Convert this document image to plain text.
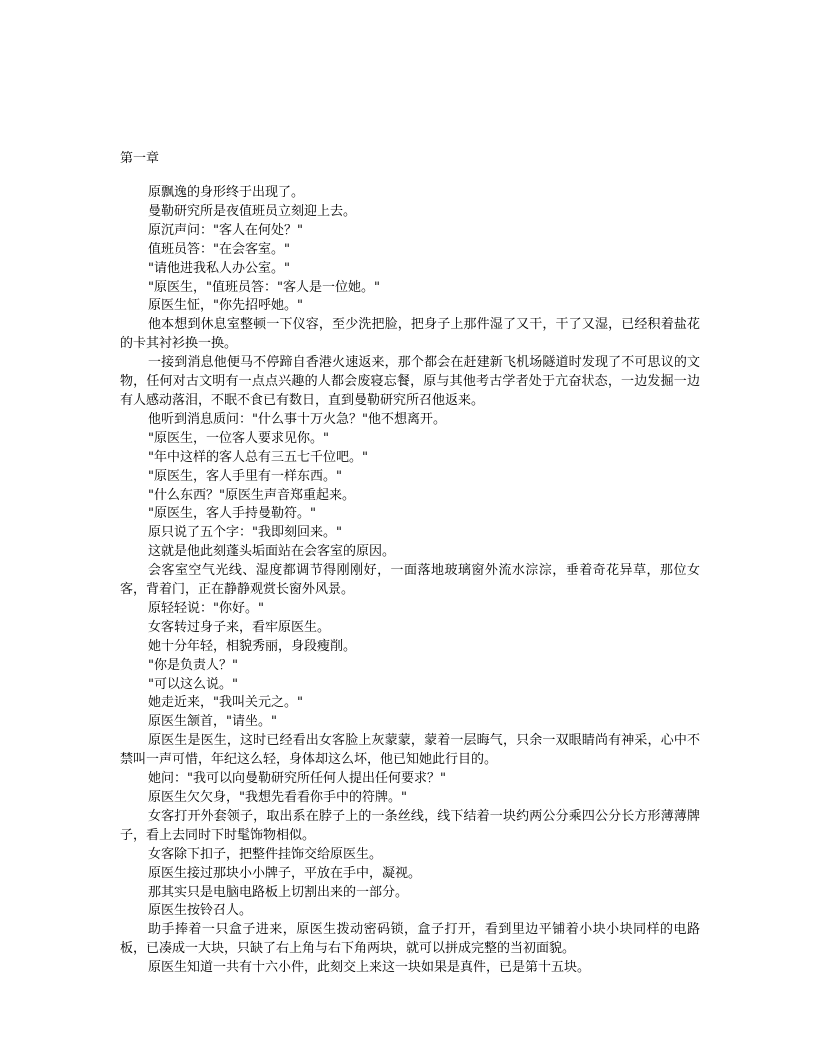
第一章

原飘逸的身形终于出现了。

曼勒研究所是夜值班员立刻迎上去。

原沉声问："客人在何处？"

值班员答："在会客室。"

"请他进我私人办公室。"

"原医生，"值班员答："客人是一位她。"

原医生怔，"你先招呼她。"

他本想到休息室整顿一下仪容，至少洗把脸，把身子上那件湿了又干，干了又湿，已经积着盐花的卡其衬衫换一换。

一接到消息他便马不停蹄自香港火速返来，那个都会在赶建新飞机场隧道时发现了不可思议的文物，任何对古文明有一点点兴趣的人都会废寝忘餐，原与其他考古学者处于亢奋状态，一边发掘一边有人感动落泪，不眠不食已有数日，直到曼勒研究所召他返来。

他听到消息质问："什么事十万火急？"他不想离开。

"原医生，一位客人要求见你。"

"年中这样的客人总有三五七千位吧。"

"原医生，客人手里有一样东西。"

"什么东西？"原医生声音郑重起来。

"原医生，客人手持曼勒符。"

原只说了五个字："我即刻回来。"

这就是他此刻蓬头垢面站在会客室的原因。

会客室空气光线、湿度都调节得刚刚好，一面落地玻璃窗外流水淙淙，垂着奇花异草，那位女客，背着门，正在静静观赏长窗外风景。

原轻轻说："你好。"

女客转过身子来，看牢原医生。

她十分年轻，相貌秀丽，身段瘦削。

"你是负责人？"

"可以这么说。"

她走近来，"我叫关元之。"

原医生颔首，"请坐。"

原医生是医生，这时已经看出女客脸上灰蒙蒙，蒙着一层晦气，只余一双眼睛尚有神采，心中不禁叫一声可惜，年纪这么轻，身体却这么坏，他已知她此行目的。

她问："我可以向曼勒研究所任何人提出任何要求？"

原医生欠欠身，"我想先看看你手中的符牌。"

女客打开外套领子，取出系在脖子上的一条丝线，线下结着一块约两公分乘四公分长方形薄薄牌子，看上去同时下时髦饰物相似。

女客除下扣子，把整件挂饰交给原医生。

原医生接过那块小小牌子，平放在手中，凝视。

那其实只是电脑电路板上切割出来的一部分。

原医生按铃召人。

助手捧着一只盒子进来，原医生拨动密码锁，盒子打开，看到里边平铺着小块小块同样的电路板，已凑成一大块，只缺了右上角与右下角两块，就可以拼成完整的当初面貌。

原医生知道一共有十六小件，此刻交上来这一块如果是真件，已是第十五块。
